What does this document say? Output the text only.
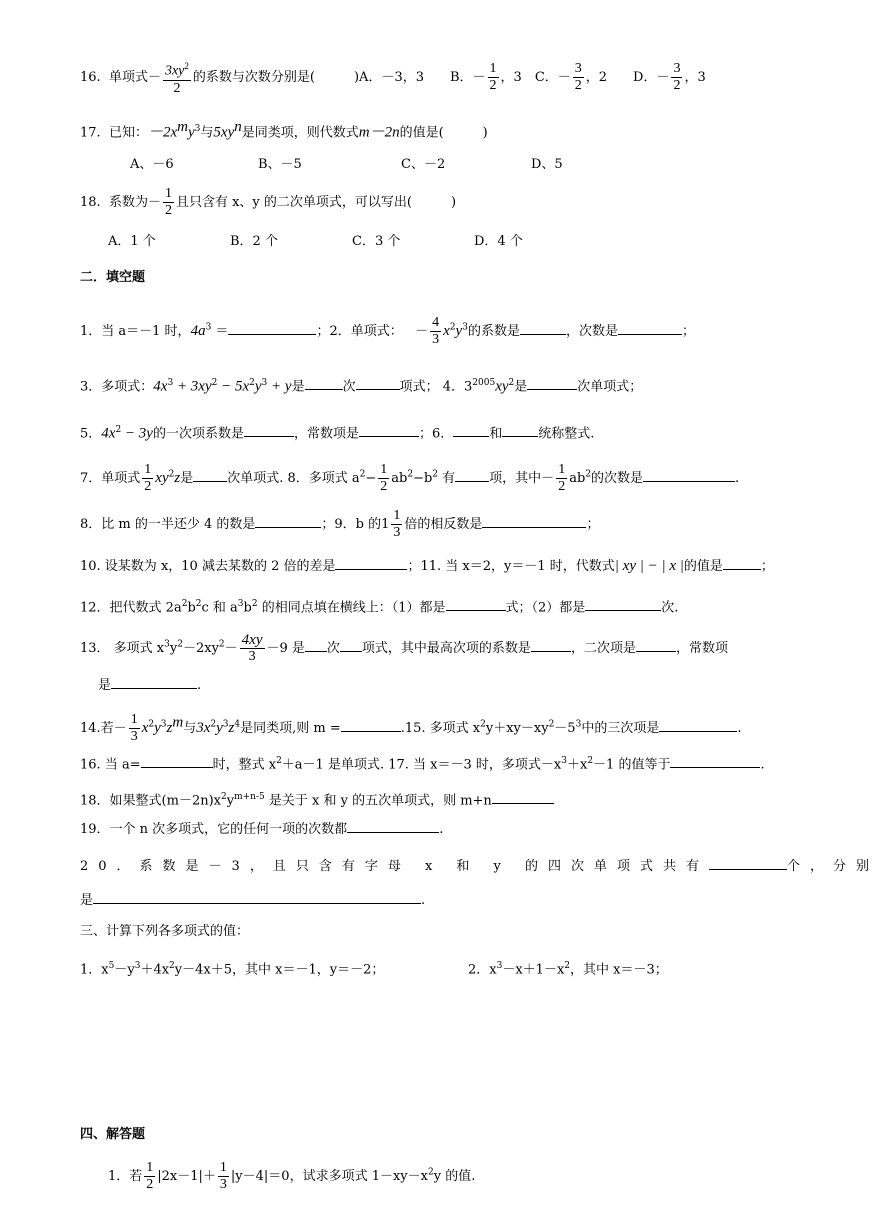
16. 单项式－ $\frac{3xy^2}{2}$ 的系数与次数分别是(　　　)A．－3，3　　B．－ $\frac{1}{2}$ ，3　C．－ $\frac{3}{2}$ ，2　　D．－ $\frac{3}{2}$ ，3
17. 已知：$-2x^my^3$与$5xy^n$是同类项，则代数式m－2n的值是(　　　)
A、－6	B、－5	C、－2	D、5
18. 系数为－ $\frac{1}{2}$ 且只含有 x、y 的二次单项式，可以写出(　　　)
A．1 个	B．2 个	C．3 个	D．4 个
二．填空题
1．当 a＝－1 时，$4a^3$ ＝	；2．单项式： － $\frac{4}{3} x^2y^3$的系数是	，次数是	；
3．多项式：$4x^3 + 3xy^2 - 5x^2y^3 + y$是	次	项式； 4．$3^{2005}xy^2$是	次单项式；
5．$4x^2 - 3y$的一次项系数是	，常数项是	；6．	和	统称整式.
7．单项式 $\frac{1}{2} xy^2z$是	次单项式. 8．多项式 $a^2- \frac{1}{2} ab^2-b^2$ 有	项，其中－ $\frac{1}{2} ab^2$的次数是	.
8．比 m 的一半还少 4 的数是	；9．b 的$1 \frac{1}{3}$ 倍的相反数是	；
10. 设某数为 x，10 减去某数的 2 倍的差是	；11. 当 x＝2，y＝－1 时，代数式| xy | − | x |的值是	；
12．把代数式 $2a^2b^2c$ 和 $a^3b^2$ 的相同点填在横线上：（1）都是	式；（2）都是	次.
13． 多项式 $x^3y^2-2xy^2- \frac{4xy}{3} -9$ 是 次 项式，其中最高次项的系数是	，二次项是	，常数项
是	.
14.若－ $\frac{1}{3} x^2y^3z^m$与$3x^2y^3z^4$是同类项,则 m =	.15. 多项式 $x^2y+xy-xy^2-5^3$中的三次项是	.
16. 当 a=	时，整式 $x^2+a-1$ 是单项式. 17. 当 x＝－3 时，多项式$-x^3+x^2-1$ 的值等于	.
18．如果整式$(m-2n)x^2y^{m+n-5}$ 是关于 x 和 y 的五次单项式，则 m+n
19．一个 n 次多项式，它的任何一项的次数都	.
20．系数是－3，且只含有字母 x 和 y 的四次单项式共有	个，分别
是	.
三、计算下列各多项式的值：
1．$x^5-y^3+4x^2y-4x+5$，其中 x＝－1，y＝－2；	2．$x^3-x+1-x^2$，其中 x＝－3；
四、解答题
1．若 $\frac{1}{2} |2x-1|+ \frac{1}{3} |y-4|=0$，试求多项式 $1-xy-x^2y$ 的值.
